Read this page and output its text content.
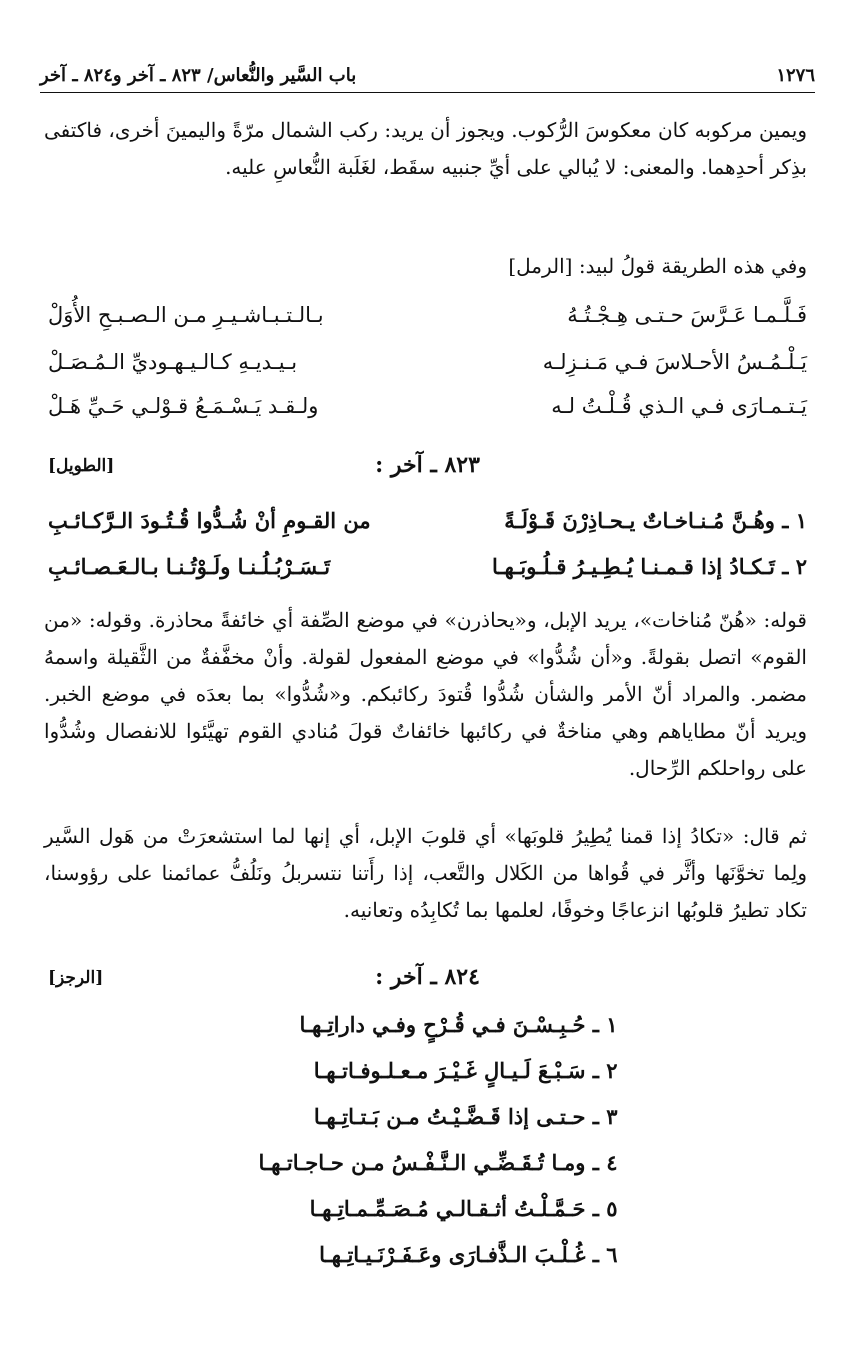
١٢٧٦
باب السَّير والنُّعاس/ ٨٢٣ ـ آخر و٨٢٤ ـ آخر

ويمين مركوبه كان معكوسَ الرُّكوب. ويجوز أن يريد: ركب الشمال مرّةً واليمينَ أخرى، فاكتفى بذِكر أحدِهما. والمعنى: لا يُبالي على أيِّ جنبيه سقَط، لغَلَبة النُّعاسِ عليه.

وفي هذه الطريقة قولُ لبيد: [الرمل]

فَـلَّـمـا عَـرَّسَ حـتـى هِـجْـتُـهُ
بـالـتـبـاشـيـرِ مـن الـصـبـحِ الأُوَلْ
يَـلْـمُـسُ الأحـلاسَ فـي مَـنـزِلـه
بـيـديـهِ كـالـيـهـوديِّ الـمُـصَـلْ
يَـتـمـارَى فـي الـذي قُـلْـتُ لـه
ولـقـد يَـسْـمَـعُ قـوْلـي حَـيِّ هَـلْ
٨٢٣ ـ آخر :
[الطويل]
١ ـ وهُـنَّ مُـنـاخـاتٌ يـحـاذِرْنَ قَـوْلَـةً
من القـومِ أنْ شُـدُّوا قُـتُـودَ الـرَّكـائـبِ
٢ ـ تَـكـادُ إذا قـمـنـا يُـطِـيـرُ قـلُـوبَـهـا
تَـسَـرْبُـلُـنـا ولَـوْتُـنـا بـالـعَـصـائـبِ

قوله: «هُنّ مُناخات»، يريد الإبل، و«يحاذرن» في موضع الصِّفة أي خائفةً محاذرة. وقوله: «من القوم» اتصل بقولةً. و«أن شُدُّوا» في موضع المفعول لقولة. وأنْ مخفَّفةٌ من الثَّقيلة واسمهُ مضمر. والمراد أنّ الأمر والشأن شُدُّوا قُتودَ ركائبكم. و«شُدُّوا» بما بعدَه في موضع الخبر. ويريد أنّ مطاياهم وهي مناخةٌ في ركائبها خائفاتٌ قولَ مُنادي القوم تهيَّئوا للانفصال وشُدُّوا على رواحلكم الرِّحال.

ثم قال: «تكادُ إذا قمنا يُطِيرُ قلوبَها» أي قلوبَ الإبل، أي إنها لما استشعرَتْ من هَول السَّير ولِما تخوَّنَها وأثَّر في قُواها من الكَلال والتَّعب، إذا رأَتنا نتسربلُ ونَلُفُّ عمائمنا على رؤوسنا، تكاد تطيرُ قلوبُها انزعاجًا وخوفًا، لعلمها بما تُكابِدُه وتعانيه.

٨٢٤ ـ آخر :
[الرجز]
١ ـ حُـبِـسْـنَ فـي قُـرْحٍ وفـي داراتِـهـا
٢ ـ سَـبْـعَ لَـيـالٍ غَـيْـرَ مـعـلـوفـاتـهـا
٣ ـ حـتـى إذا قَـضَّـيْـتُ مـن بَـتـاتِـهـا
٤ ـ ومـا تُـقَـضِّـي الـنَّـفْـسُ مـن حـاجـاتـهـا
٥ ـ حَـمَّـلْـتُ أثـقـالـي مُـصَـمِّـمـاتِـهـا
٦ ـ غُـلْـبَ الـذَّفـارَى وعَـفَـرْنَـيـاتِـهـا
